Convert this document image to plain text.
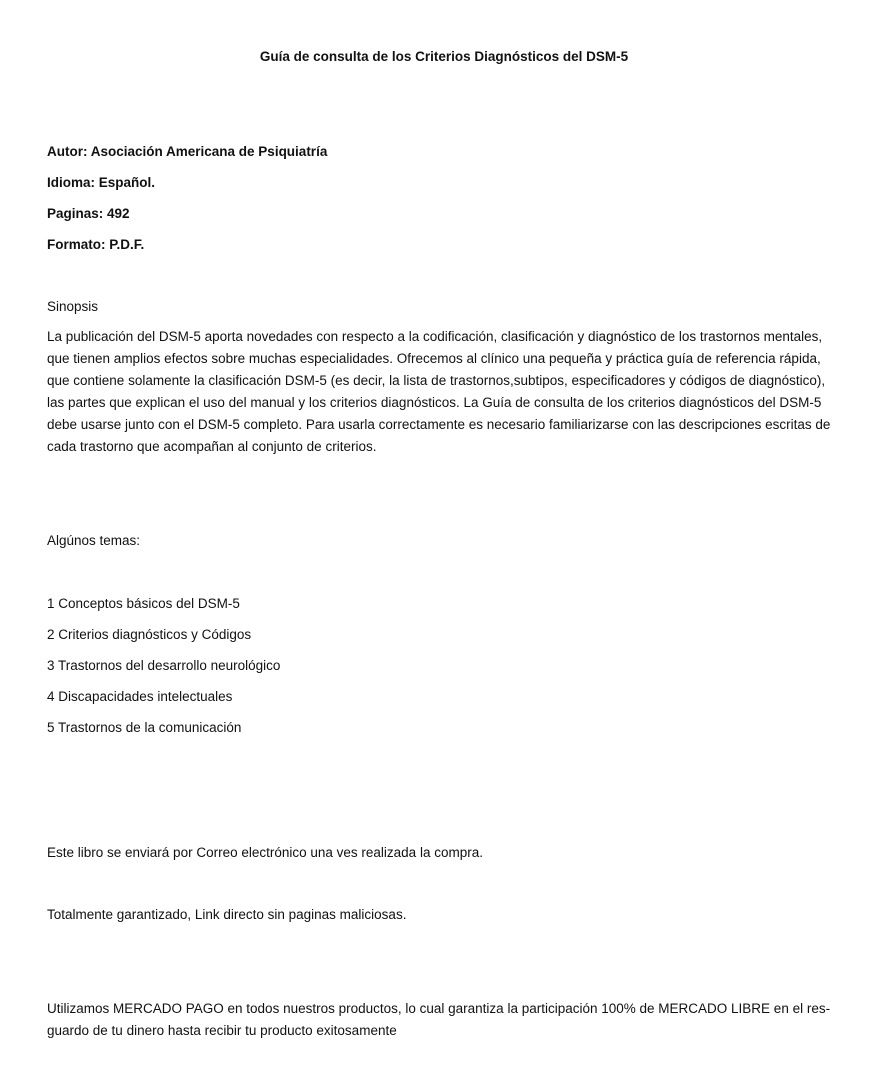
Guía de consulta de los Criterios Diagnósticos del DSM-5
Autor: Asociación Americana de Psiquiatría
Idioma: Español.
Paginas: 492
Formato: P.D.F.
Sinopsis
La publicación del DSM-5 aporta novedades con respecto a la codificación, clasificación y diagnóstico de los trastornos mentales,
que tienen amplios efectos sobre muchas especialidades. Ofrecemos al clínico una pequeña y práctica guía de referencia rápida,
que contiene solamente la clasificación DSM-5 (es decir, la lista de trastornos,subtipos, especificadores y códigos de diagnóstico),
las partes que explican el uso del manual y los criterios diagnósticos. La Guía de consulta de los criterios diagnósticos del DSM-5
debe usarse junto con el DSM-5 completo. Para usarla correctamente es necesario familiarizarse con las descripciones escritas de
cada trastorno que acompañan al conjunto de criterios.
Algúnos temas:
1 Conceptos básicos del DSM-5
2 Criterios diagnósticos y Códigos
3 Trastornos del desarrollo neurológico
4 Discapacidades intelectuales
5 Trastornos de la comunicación
Este libro se enviará por Correo electrónico una ves realizada la compra.
Totalmente garantizado, Link directo sin paginas maliciosas.
Utilizamos MERCADO PAGO en todos nuestros productos, lo cual garantiza la participación 100% de MERCADO LIBRE en el res-
guardo de tu dinero hasta recibir tu producto exitosamente
